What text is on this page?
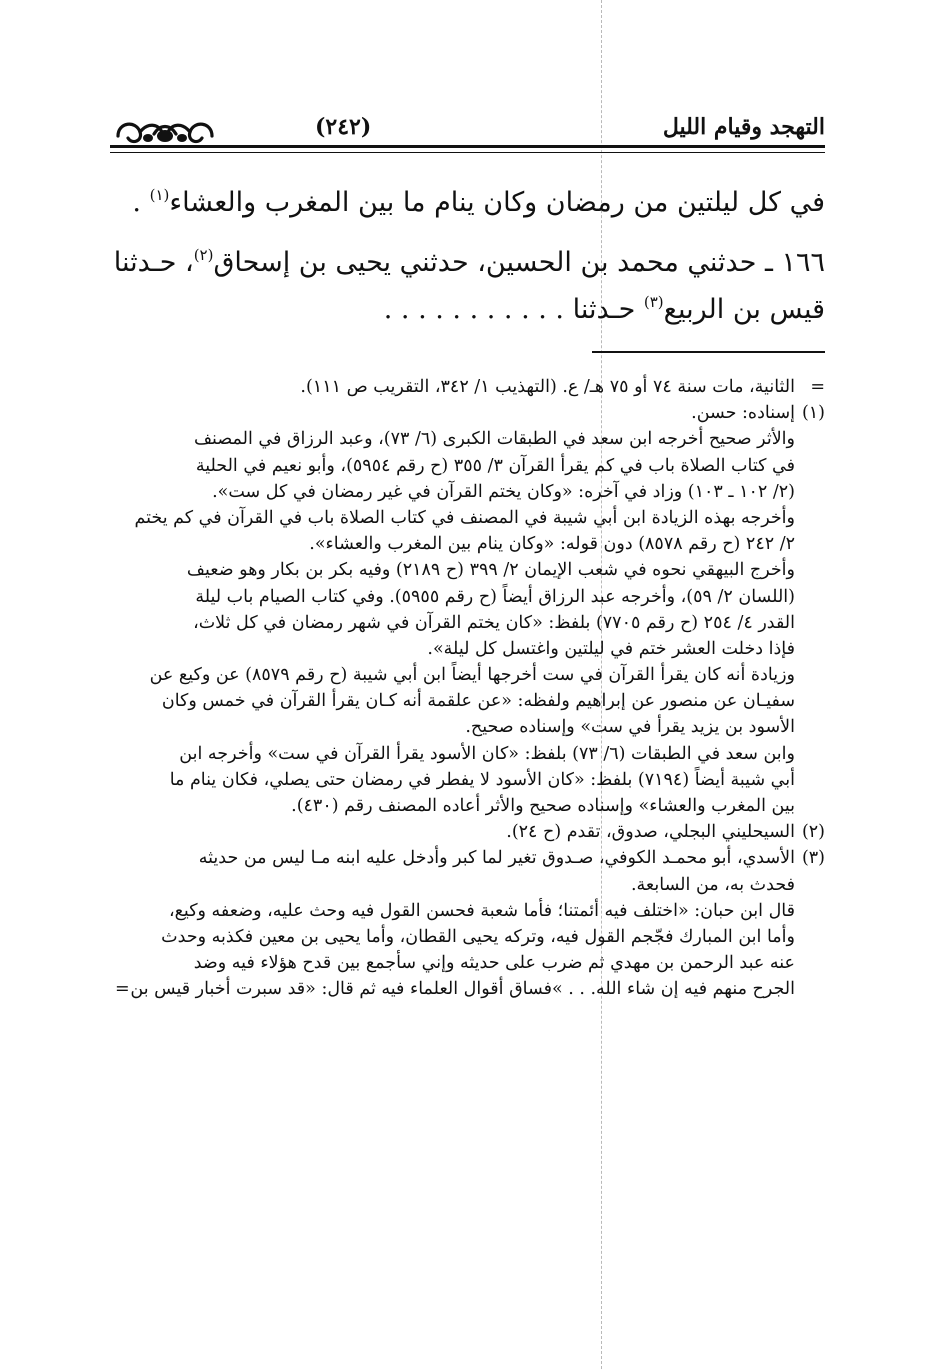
التهجد وقيام الليل
(٢٤٢)
في كل ليلتين من رمضان وكان ينام ما بين المغرب والعشاء$^{(١)}$ .
١٦٦ ـ حدثني محمد بن الحسين، حدثني يحيى بن إسحاق$^{(٢)}$، حـدثنا
قيس بن الربيع$^{(٣)}$ حـدثنا . . . . . . . . . . .
=الثانية، مات سنة ٧٤ أو ٧٥ هـ/ ع. (التهذيب ١/ ٣٤٢، التقريب ص ١١١).
(١)إسناده: حسن.
والأثر صحيح أخرجه ابن سعد في الطبقات الكبرى (٦/ ٧٣)، وعبد الرزاق في المصنف
في كتاب الصلاة باب في كم يقرأ القرآن ٣/ ٣٥٥ (ح رقم ٥٩٥٤)، وأبو نعيم في الحلية
(٢/ ١٠٢ ـ ١٠٣) وزاد في آخره: «وكان يختم القرآن في غير رمضان في كل ست».
وأخرجه بهذه الزيادة ابن أبي شيبة في المصنف في كتاب الصلاة باب في القرآن في كم يختم
٢/ ٢٤٢ (ح رقم ٨٥٧٨) دون قوله: «وكان ينام بين المغرب والعشاء».
وأخرج البيهقي نحوه في شعب الإيمان ٢/ ٣٩٩ (ح ٢١٨٩) وفيه بكر بن بكار وهو ضعيف
(اللسان ٢/ ٥٩)، وأخرجه عبد الرزاق أيضاً (ح رقم ٥٩٥٥). وفي كتاب الصيام باب ليلة
القدر ٤/ ٢٥٤ (ح رقم ٧٧٠٥) بلفظ: «كان يختم القرآن في شهر رمضان في كل ثلاث،
فإذا دخلت العشر ختم في ليلتين واغتسل كل ليلة».
وزيادة أنه كان يقرأ القرآن في ست أخرجها أيضاً ابن أبي شيبة (ح رقم ٨٥٧٩) عن وكيع عن
سفيـان عن منصور عن إبراهيم ولفظه: «عن علقمة أنه كـان يقرأ القرآن في خمس وكان
الأسود بن يزيد يقرأ في ست» وإسناده صحيح.
وابن سعد في الطبقات (٦/ ٧٣) بلفظ: «كان الأسود يقرأ القرآن في ست» وأخرجه ابن
أبي شيبة أيضاً (٧١٩٤) بلفظ: «كان الأسود لا يفطر في رمضان حتى يصلي، فكان ينام ما
بين المغرب والعشاء» وإسناده صحيح والأثر أعاده المصنف رقم (٤٣٠).
(٢)السيحليني البجلي، صدوق، تقدم (ح ٢٤).
(٣)الأسدي، أبو محمـد الكوفي، صـدوق تغير لما كبر وأدخل عليه ابنه مـا ليس من حديثه
فحدث به، من السابعة.
قال ابن حبان: «اختلف فيه أئمتنا؛ فأما شعبة فحسن القول فيه وحث عليه، وضعفه وكيع،
وأما ابن المبارك فجّجم القول فيه، وتركه يحيى القطان، وأما يحيى بن معين فكذبه وحدث
عنه عبد الرحمن بن مهدي ثم ضرب على حديثه وإني سأجمع بين قدح هؤلاء فيه وضد
الجرح منهم فيه إن شاء الله. . . »فساق أقوال العلماء فيه ثم قال: «قد سبرت أخبار قيس بن
=
